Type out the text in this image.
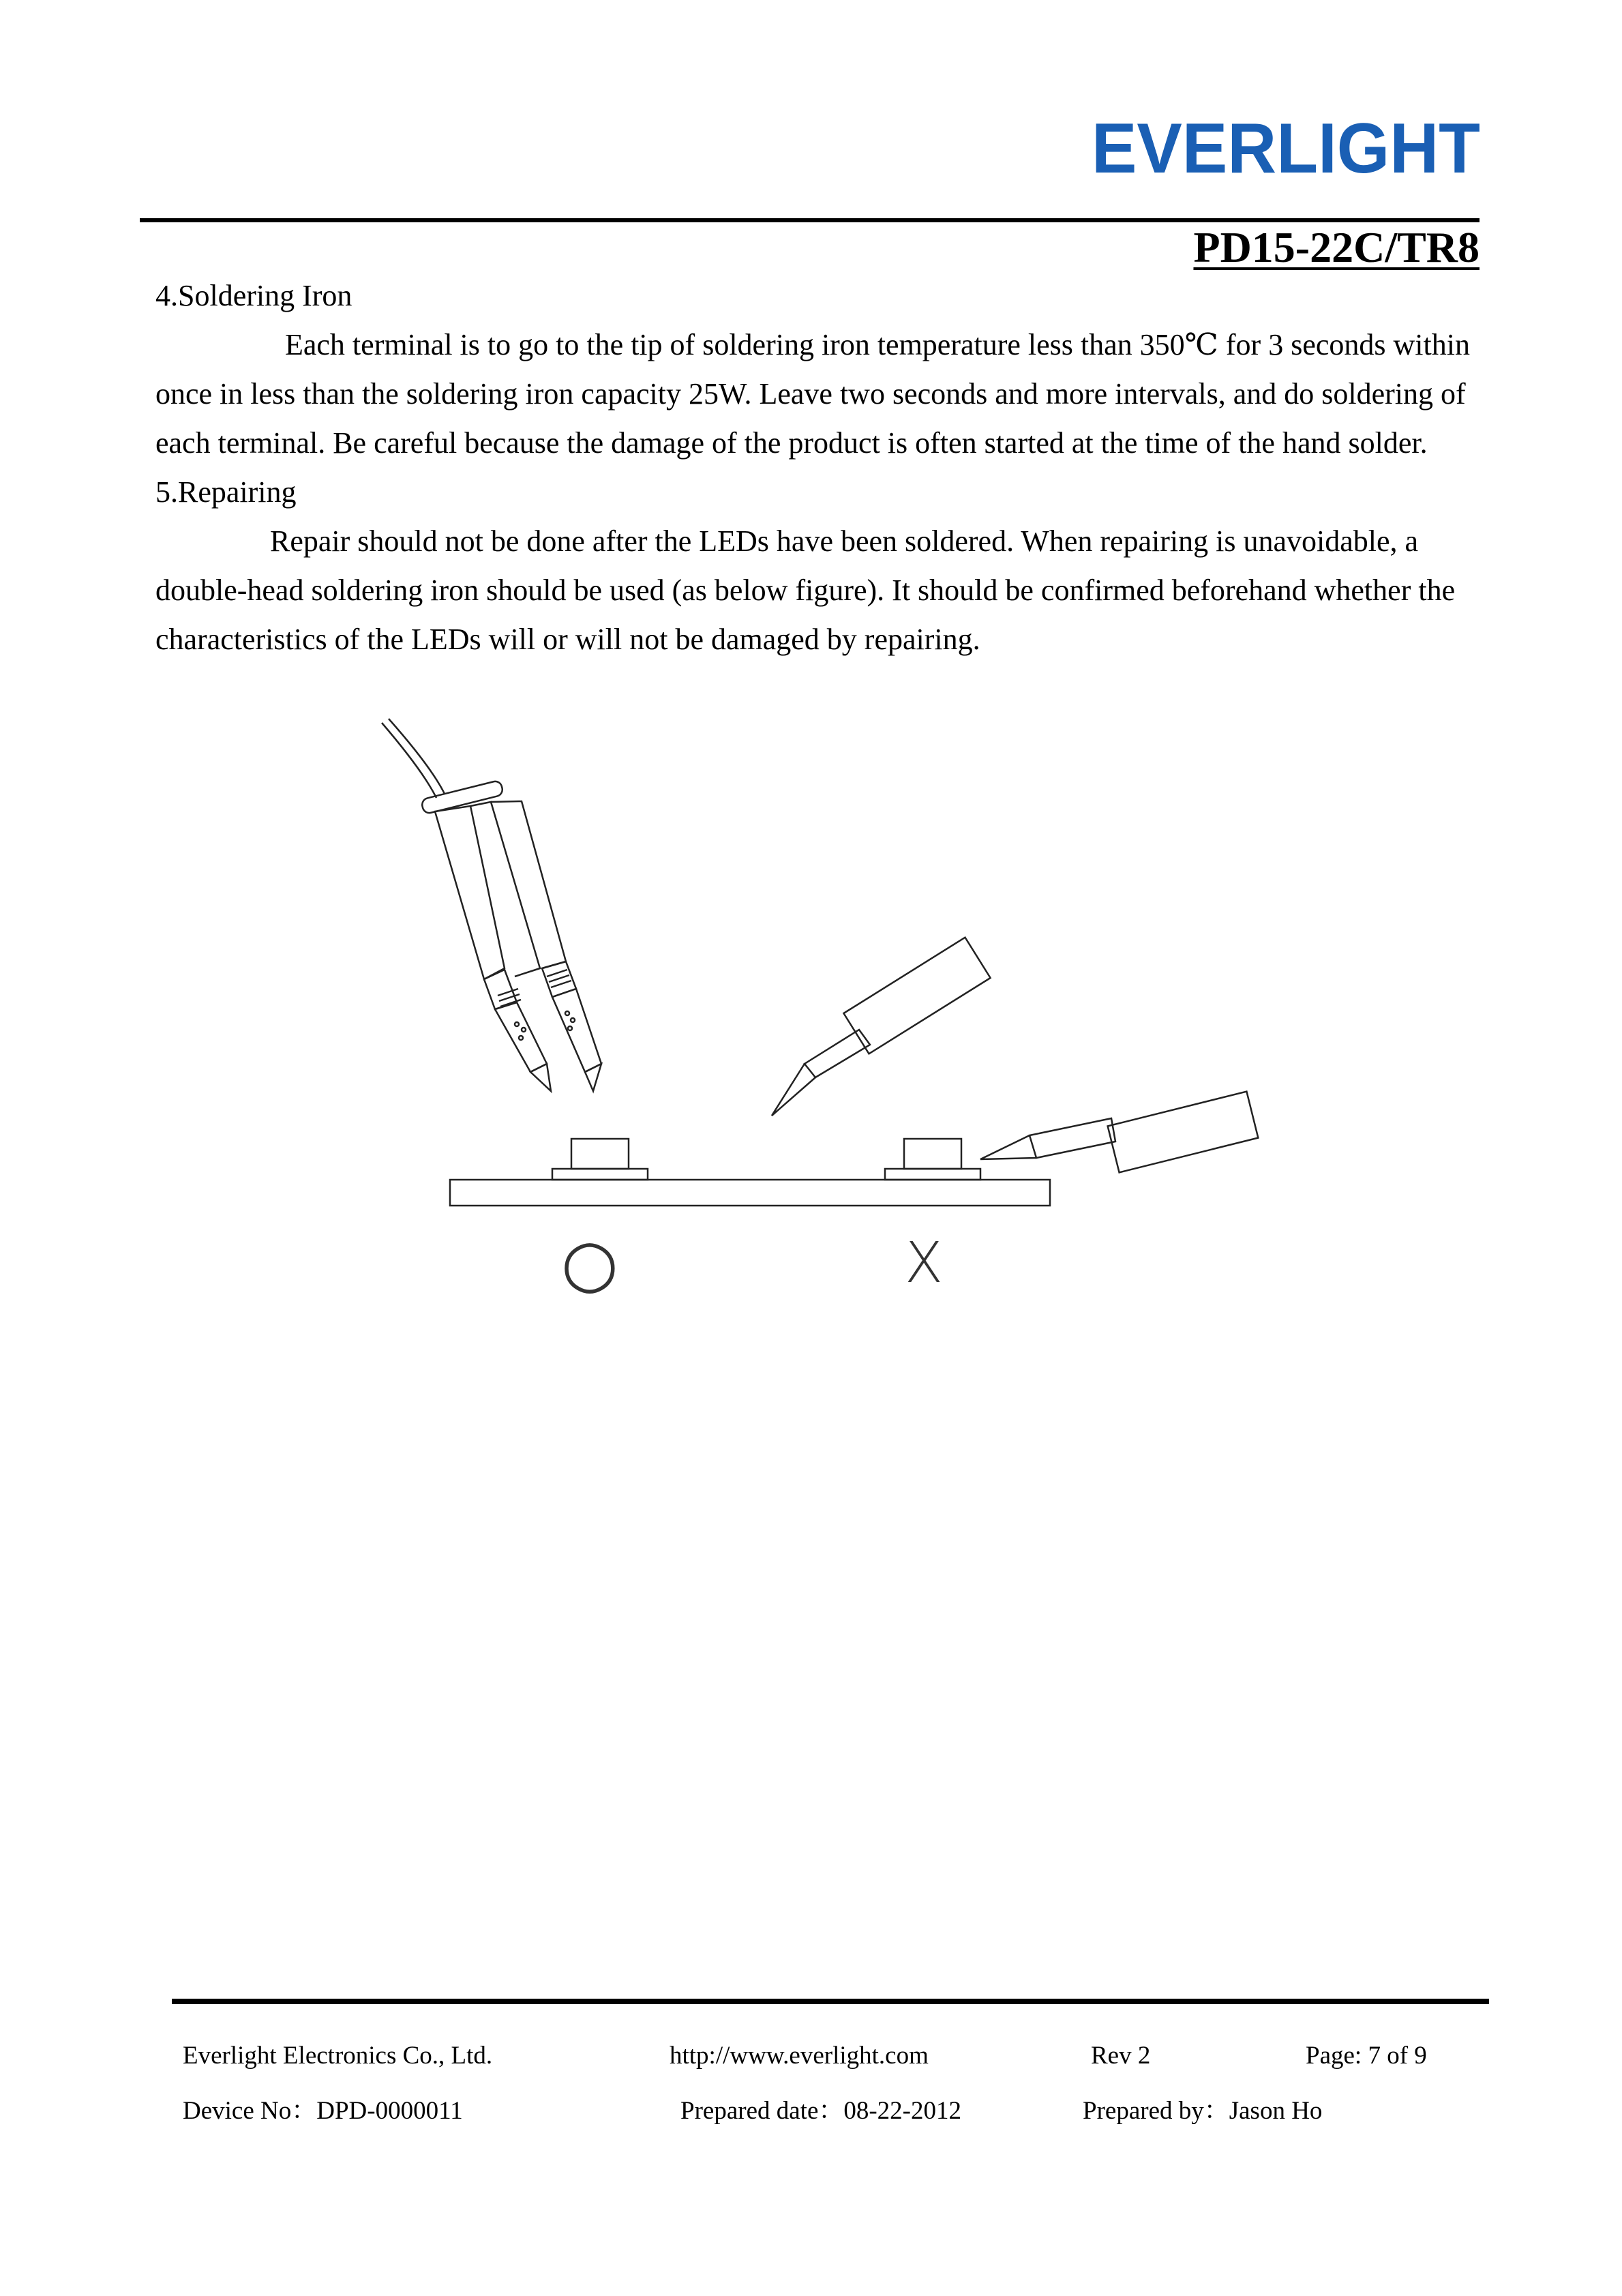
EVERLIGHT
PD15-22C/TR8

4.Soldering Iron

Each terminal is to go to the tip of soldering iron temperature less than 350℃ for 3 seconds within once in less than the soldering iron capacity 25W. Leave two seconds and more intervals, and do soldering of each terminal. Be careful because the damage of the product is often started at the time of the hand solder.

5.Repairing

Repair should not be done after the LEDs have been soldered. When repairing is unavoidable, a double-head soldering iron should be used (as below figure). It should be confirmed beforehand whether the characteristics of the LEDs will or will not be damaged by repairing.

○	X
Everlight Electronics Co., Ltd.	http://www.everlight.com	Rev 2	Page: 7 of 9
Device No：DPD-0000011	Prepared date：08-22-2012	Prepared by：Jason Ho
